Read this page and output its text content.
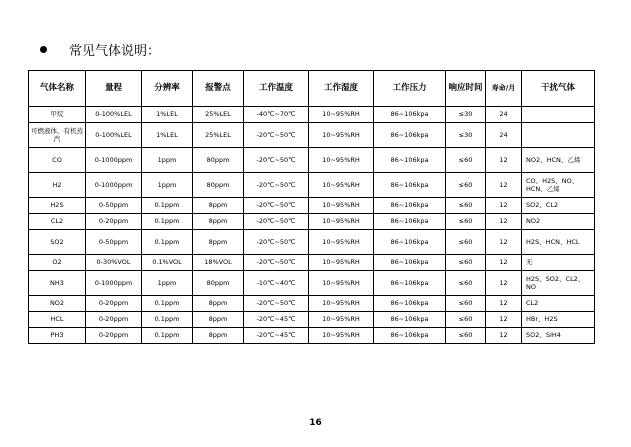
常见气体说明：
气体名称	量程	分辨率	报警点	工作温度	工作湿度	工作压力	响应时间	寿命/月	干扰气体
甲烷	0-100%LEL	1%LEL	25%LEL	-40℃~70℃	10~95%RH	86~106kpa	≤30	24	
可燃液体、有机蒸汽	0-100%LEL	1%LEL	25%LEL	-20℃~50℃	10~95%RH	86~106kpa	≤30	24	
CO	0-1000ppm	1ppm	80ppm	-20℃~50℃	10~95%RH	86~106kpa	≤60	12	NO2、HCN、乙烯
H2	0-1000ppm	1ppm	80ppm	-20℃~50℃	10~95%RH	86~106kpa	≤60	12	CO、H2S、NO、HCN、乙烯
H2S	0-50ppm	0.1ppm	8ppm	-20℃~50℃	10~95%RH	86~106kpa	≤60	12	SO2、CL2
CL2	0-20ppm	0.1ppm	8ppm	-20℃~50℃	10~95%RH	86~106kpa	≤60	12	NO2
SO2	0-50ppm	0.1ppm	8ppm	-20℃~50℃	10~95%RH	86~106kpa	≤60	12	H2S、HCN、HCL
O2	0-30%VOL	0.1%VOL	18%VOL	-20℃~50℃	10~95%RH	86~106kpa	≤60	12	无
NH3	0-1000ppm	1ppm	80ppm	-10℃~40℃	10~95%RH	86~106kpa	≤60	12	H2S、SO2、CL2、NO
NO2	0-20ppm	0.1ppm	8ppm	-20℃~50℃	10~95%RH	86~106kpa	≤60	12	CL2
HCL	0-20ppm	0.1ppm	8ppm	-20℃~45℃	10~95%RH	86~106kpa	≤60	12	HBr、H2S
PH3	0-20ppm	0.1ppm	8ppm	-20℃~45℃	10~95%RH	86~106kpa	≤60	12	SO2、SIH4
16
